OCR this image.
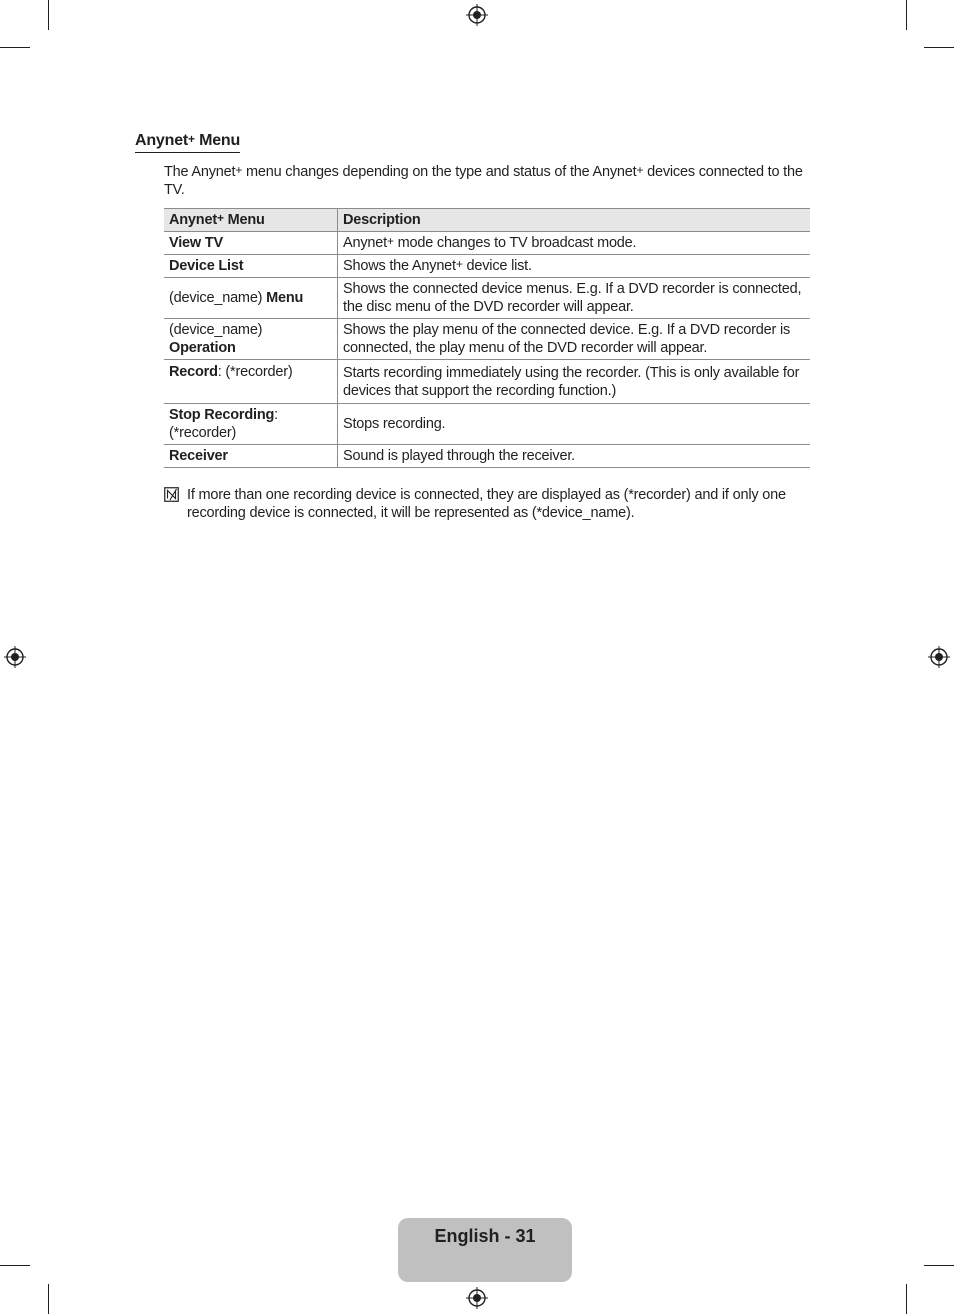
Anynet+ Menu
The Anynet+ menu changes depending on the type and status of the Anynet+ devices connected to the TV.
Anynet+ Menu	Description
View TV	Anynet+ mode changes to TV broadcast mode.
Device List	Shows the Anynet+ device list.
(device_name) Menu	Shows the connected device menus. E.g. If a DVD recorder is connected, the disc menu of the DVD recorder will appear.
(device_name)
Operation	Shows the play menu of the connected device. E.g. If a DVD recorder is connected, the play menu of the DVD recorder will appear.
Record: (*recorder)	Starts recording immediately using the recorder. (This is only available for devices that support the recording function.)
Stop Recording:
(*recorder)	Stops recording.
Receiver	Sound is played through the receiver.
If more than one recording device is connected, they are displayed as (*recorder) and if only one recording device is connected, it will be represented as (*device_name).
English - 31
